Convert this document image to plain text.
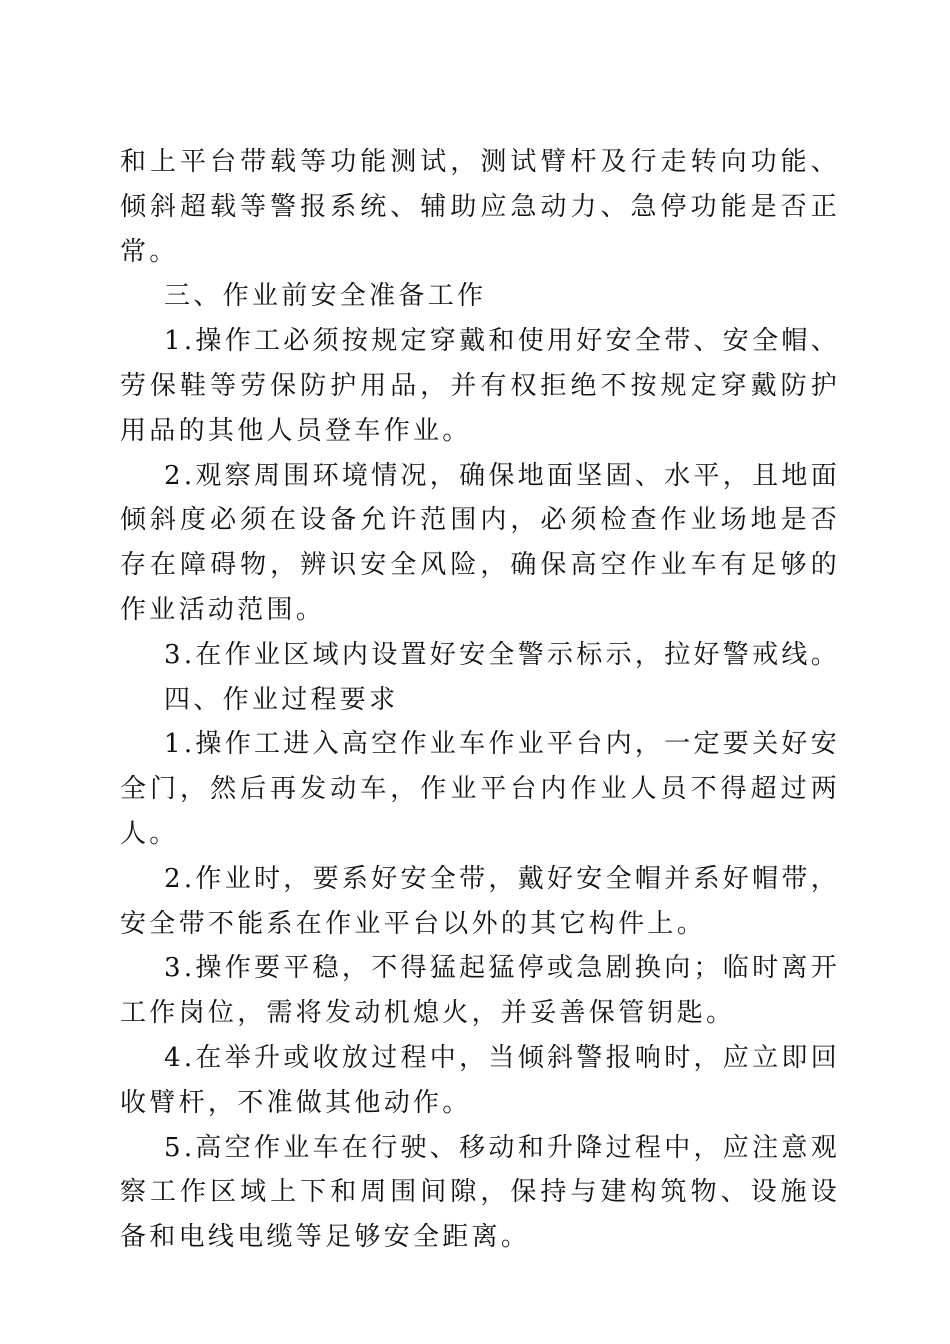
和上平台带载等功能测试，测试臂杆及行走转向功能、倾斜超载等警报系统、辅助应急动力、急停功能是否正常。

三、作业前安全准备工作

1.操作工必须按规定穿戴和使用好安全带、安全帽、劳保鞋等劳保防护用品，并有权拒绝不按规定穿戴防护用品的其他人员登车作业。

2.观察周围环境情况，确保地面坚固、水平，且地面倾斜度必须在设备允许范围内，必须检查作业场地是否存在障碍物，辨识安全风险，确保高空作业车有足够的作业活动范围。

3.在作业区域内设置好安全警示标示，拉好警戒线。

四、作业过程要求

1.操作工进入高空作业车作业平台内，一定要关好安全门，然后再发动车，作业平台内作业人员不得超过两人。

2.作业时，要系好安全带，戴好安全帽并系好帽带，安全带不能系在作业平台以外的其它构件上。

3.操作要平稳，不得猛起猛停或急剧换向；临时离开工作岗位，需将发动机熄火，并妥善保管钥匙。

4.在举升或收放过程中，当倾斜警报响时，应立即回收臂杆，不准做其他动作。

5.高空作业车在行驶、移动和升降过程中，应注意观察工作区域上下和周围间隙，保持与建构筑物、设施设备和电线电缆等足够安全距离。
